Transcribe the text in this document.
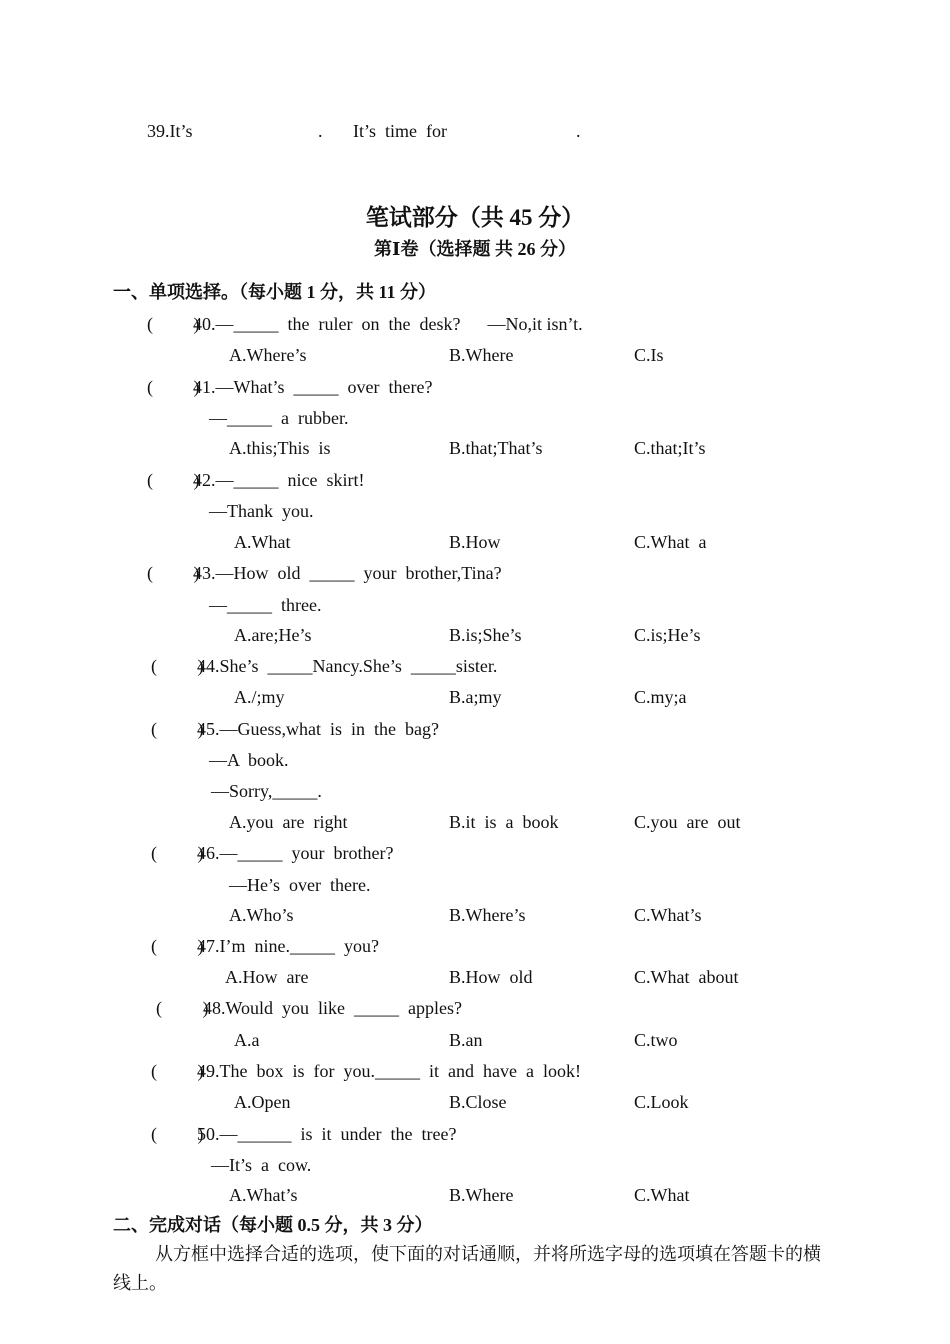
39.It’s	. It’s  time  for	.
笔试部分（共 45 分）
第Ⅰ卷（选择题 共 26 分）
一、单项选择。（每小题 1 分，共 11 分）
(         )
40.—_____  the  ruler  on  the  desk?      —No,it isn’t.
A.Where’s	B.Where	C.Is
(         )
41.—What’s  _____  over  there?
—_____  a  rubber.
A.this;This  is	B.that;That’s	C.that;It’s
(         )
42.—_____  nice  skirt!
—Thank  you.
A.What	B.How	C.What  a
(         )
43.—How  old  _____  your  brother,Tina?
—_____  three.
A.are;He’s	B.is;She’s	C.is;He’s
(         )
44.She’s  _____Nancy.She’s  _____sister.
A./;my	B.a;my	C.my;a
(         )
45.—Guess,what  is  in  the  bag?
—A  book.
—Sorry,_____.
A.you  are  right	B.it  is  a  book	C.you  are  out
(         )
46.—_____  your  brother?
—He’s  over  there.
A.Who’s	B.Where’s	C.What’s
(         )
47.I’m  nine._____  you?
A.How  are	B.How  old	C.What  about
(         )
48.Would  you  like  _____  apples?
A.a	B.an	C.two
(         )
49.The  box  is  for  you._____  it  and  have  a  look!
A.Open	B.Close	C.Look
(         )
50.—______  is  it  under  the  tree?
—It’s  a  cow.
A.What’s	B.Where	C.What
二、完成对话（每小题 0.5 分，共 3 分）
从方框中选择合适的选项，使下面的对话通顺，并将所选字母的选项填在答题卡的横
线上。
